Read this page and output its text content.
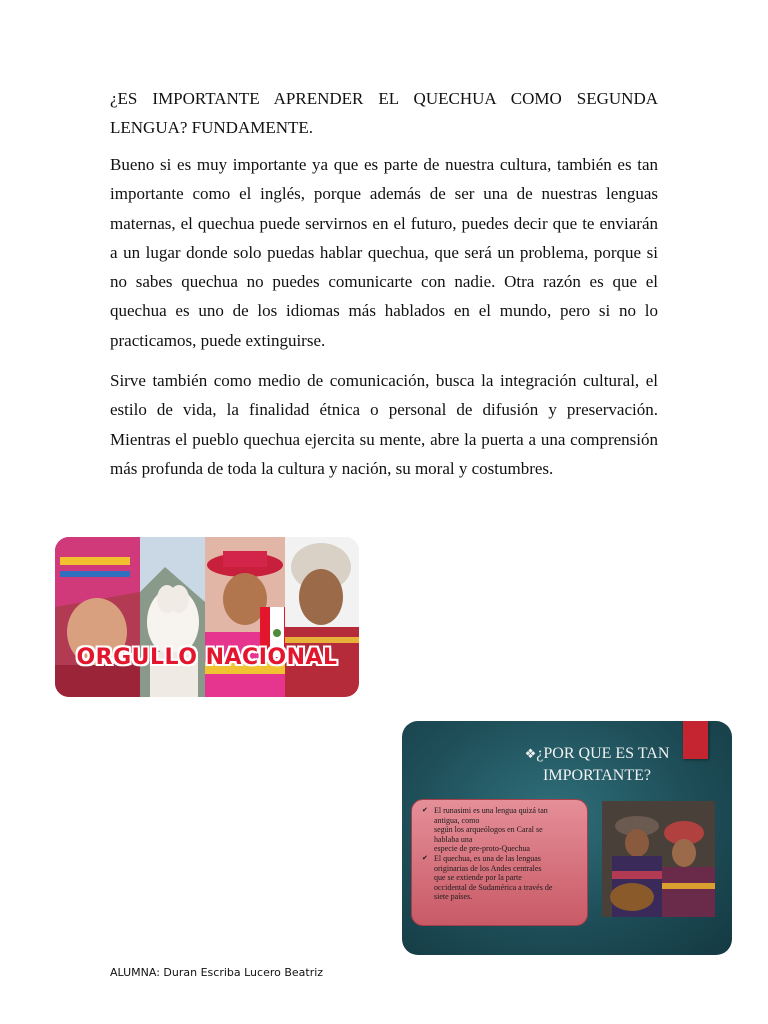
¿ES IMPORTANTE APRENDER EL QUECHUA COMO SEGUNDA LENGUA? FUNDAMENTE.

Bueno si es muy importante ya que es parte de nuestra cultura, también es tan importante como el inglés, porque además de ser una de nuestras lenguas maternas, el quechua puede servirnos en el futuro, puedes decir que te enviarán a un lugar donde solo puedas hablar quechua, que será un problema, porque si no sabes quechua no puedes comunicarte con nadie. Otra razón es que el quechua es uno de los idiomas más hablados en el mundo, pero si no lo practicamos, puede extinguirse.

Sirve también como medio de comunicación, busca la integración cultural, el estilo de vida, la finalidad étnica o personal de difusión y preservación. Mientras el pueblo quechua ejercita su mente, abre la puerta a una comprensión más profunda de toda la cultura y nación, su moral y costumbres.

ORGULLO NACIONAL
❖¿POR QUE ES TAN
IMPORTANTE?
✔ El runasimi es una lengua quizá tan
antigua, como
según los arqueólogos en Caral se
hablaba una
especie de pre-proto-Quechua
✔ El quechua, es una de las lenguas
originarias de los Andes centrales
que se extiende por la parte
occidental de Sudamérica a través de
siete países.

ALUMNA: Duran Escriba Lucero Beatriz
